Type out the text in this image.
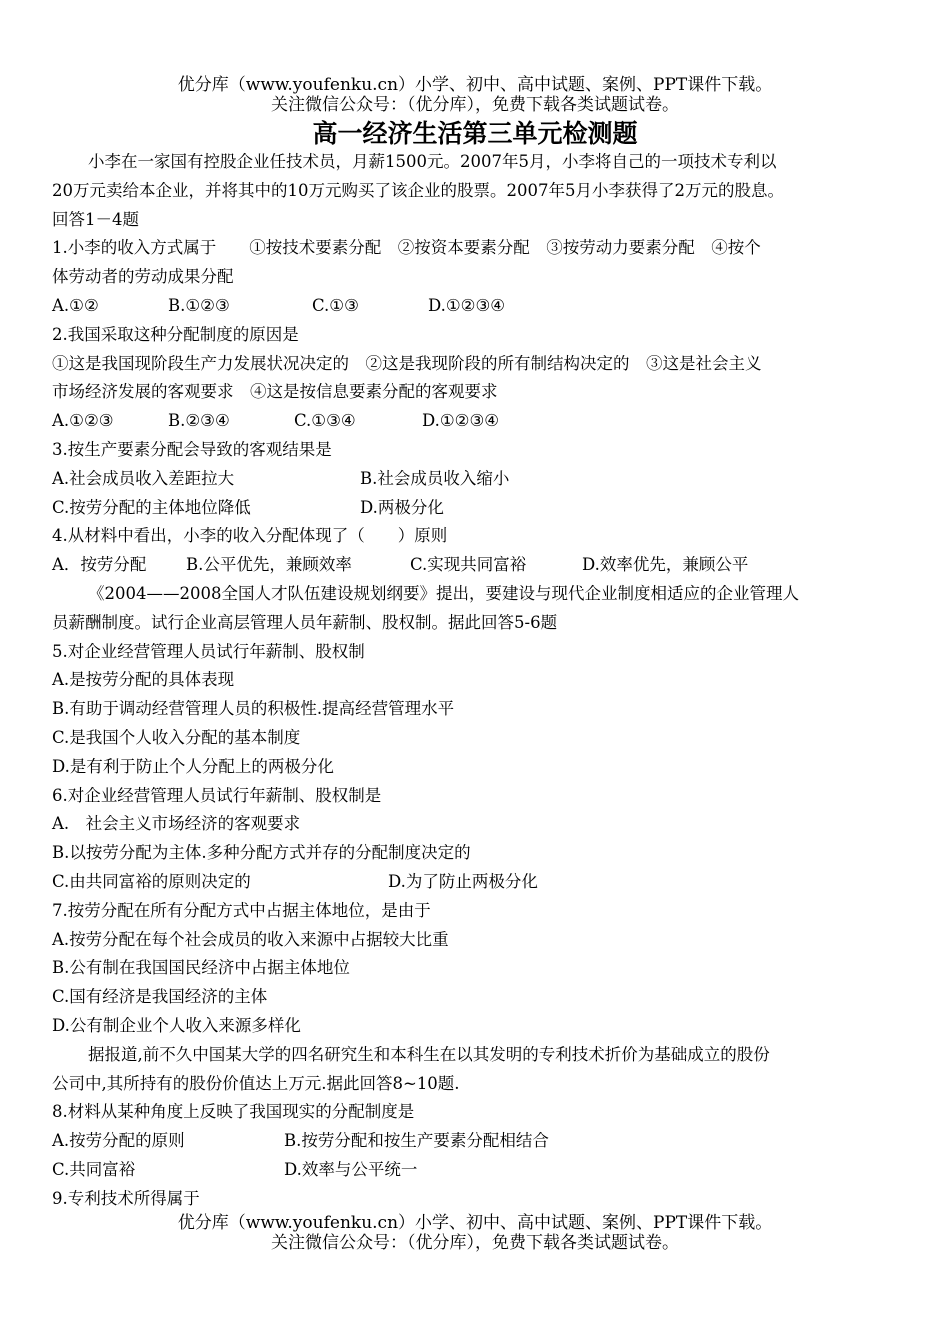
优分库（www.youfenku.cn）小学、初中、高中试题、案例、PPT课件下载。
关注微信公众号：（优分库），免费下载各类试题试卷。
高一经济生活第三单元检测题
小李在一家国有控股企业任技术员，月薪1500元。2007年5月，小李将自己的一项技术专利以
20万元卖给本企业，并将其中的10万元购买了该企业的股票。2007年5月小李获得了2万元的股息。
回答1－4题
1.小李的收入方式属于　　①按技术要素分配　②按资本要素分配　③按劳动力要素分配　④按个
体劳动者的劳动成果分配
A.①②	B.①②③	C.①③	D.①②③④
2.我国采取这种分配制度的原因是
①这是我国现阶段生产力发展状况决定的　②这是我现阶段的所有制结构决定的　③这是社会主义
市场经济发展的客观要求　④这是按信息要素分配的客观要求
A.①②③	B.②③④	C.①③④	D.①②③④
3.按生产要素分配会导致的客观结果是
A.社会成员收入差距拉大	B.社会成员收入缩小
C.按劳分配的主体地位降低	D.两极分化
4.从材料中看出，小李的收入分配体现了（　　）原则
A．按劳分配 B.公平优先，兼顾效率	C.实现共同富裕	D.效率优先，兼顾公平
《2004——2008全国人才队伍建设规划纲要》提出，要建设与现代企业制度相适应的企业管理人
员薪酬制度。试行企业高层管理人员年薪制、股权制。据此回答5-6题
5.对企业经营管理人员试行年薪制、股权制
A.是按劳分配的具体表现
B.有助于调动经营管理人员的积极性.提高经营管理水平
C.是我国个人收入分配的基本制度
D.是有利于防止个人分配上的两极分化
6.对企业经营管理人员试行年薪制、股权制是
A.　社会主义市场经济的客观要求
B.以按劳分配为主体.多种分配方式并存的分配制度决定的
C.由共同富裕的原则决定的	D.为了防止两极分化
7.按劳分配在所有分配方式中占据主体地位，是由于
A.按劳分配在每个社会成员的收入来源中占据较大比重
B.公有制在我国国民经济中占据主体地位
C.国有经济是我国经济的主体
D.公有制企业个人收入来源多样化
据报道,前不久中国某大学的四名研究生和本科生在以其发明的专利技术折价为基础成立的股份
公司中,其所持有的股份价值达上万元.据此回答8~10题.
8.材料从某种角度上反映了我国现实的分配制度是
A.按劳分配的原则	B.按劳分配和按生产要素分配相结合
C.共同富裕	D.效率与公平统一
9.专利技术所得属于
优分库（www.youfenku.cn）小学、初中、高中试题、案例、PPT课件下载。
关注微信公众号：（优分库），免费下载各类试题试卷。
